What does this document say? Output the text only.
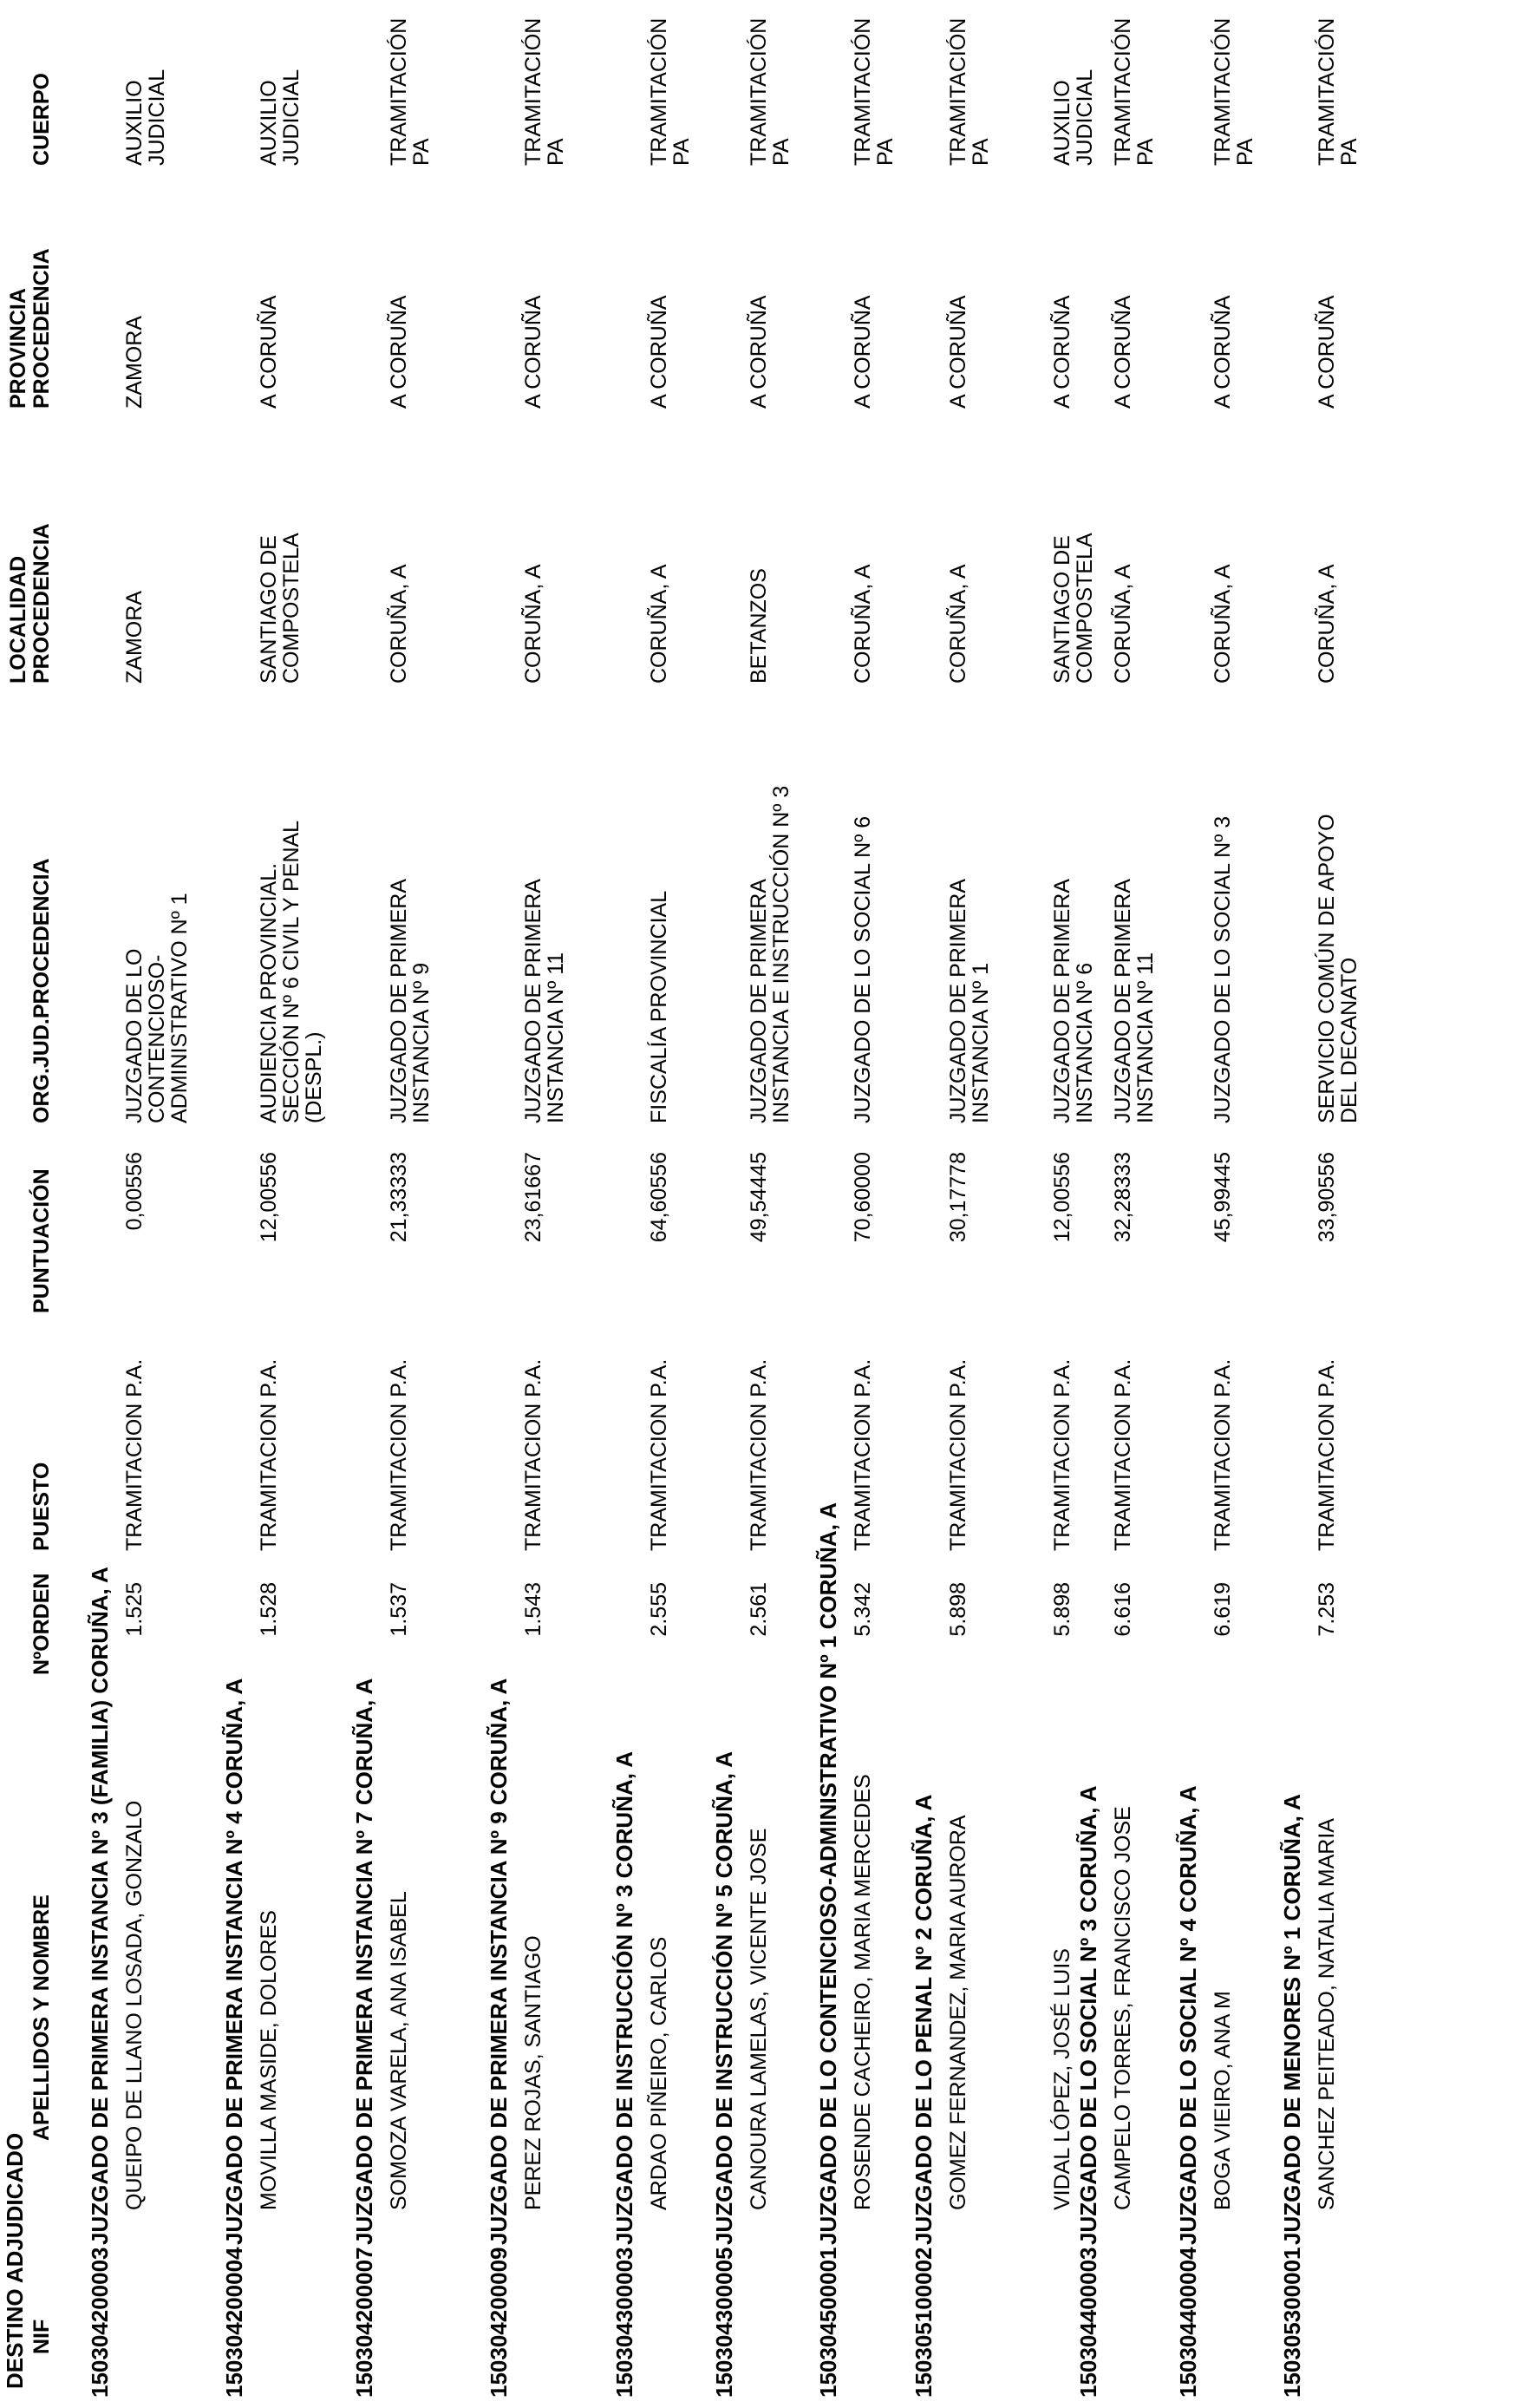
DESTINO ADJUDICADO NIF
APELLIDOS Y NOMBRE
NºORDEN
PUESTO
PUNTUACIÓN
ORG.JUD.PROCEDENCIA
LOCALIDAD PROCEDENCIA
PROVINCIA PROCEDENCIA
CUERPO
150304200003
JUZGADO DE PRIMERA INSTANCIA Nº 3 (FAMILIA) CORUÑA, A QUEIPO DE LLANO LOSADA, GONZALO
1.525
TRAMITACION P.A.
0,00556
JUZGADO DE LO
CONTENCIOSO-
ADMINISTRATIVO Nº 1
ZAMORA
ZAMORA
AUXILIO
JUDICIAL
150304200004
JUZGADO DE PRIMERA INSTANCIA Nº 4 CORUÑA, A MOVILLA MASIDE, DOLORES
1.528
TRAMITACION P.A.
12,00556
AUDIENCIA PROVINCIAL.
SECCIÓN Nº 6 CIVIL Y PENAL
(DESPL.)
SANTIAGO DE
COMPOSTELA
A CORUÑA
AUXILIO
JUDICIAL
150304200007
JUZGADO DE PRIMERA INSTANCIA Nº 7 CORUÑA, A SOMOZA VARELA, ANA ISABEL
1.537
TRAMITACION P.A.
21,33333
JUZGADO DE PRIMERA
INSTANCIA Nº 9
CORUÑA, A
A CORUÑA
TRAMITACIÓN
PA
150304200009
JUZGADO DE PRIMERA INSTANCIA Nº 9 CORUÑA, A PEREZ ROJAS, SANTIAGO
1.543
TRAMITACION P.A.
23,61667
JUZGADO DE PRIMERA
INSTANCIA Nº 11
CORUÑA, A
A CORUÑA
TRAMITACIÓN
PA
150304300003
JUZGADO DE INSTRUCCIÓN Nº 3 CORUÑA, A ARDAO PIÑEIRO, CARLOS
2.555
TRAMITACION P.A.
64,60556
FISCALÍA PROVINCIAL
CORUÑA, A
A CORUÑA
TRAMITACIÓN
PA
150304300005
JUZGADO DE INSTRUCCIÓN Nº 5 CORUÑA, A CANOURA LAMELAS, VICENTE JOSE
2.561
TRAMITACION P.A.
49,54445
JUZGADO DE PRIMERA
INSTANCIA E INSTRUCCIÓN Nº 3
BETANZOS
A CORUÑA
TRAMITACIÓN
PA
150304500001
JUZGADO DE LO CONTENCIOSO-ADMINISTRATIVO Nº 1 CORUÑA, A ROSENDE CACHEIRO, MARIA MERCEDES
5.342
TRAMITACION P.A.
70,60000
JUZGADO DE LO SOCIAL Nº 6
CORUÑA, A
A CORUÑA
TRAMITACIÓN
PA
150305100002
JUZGADO DE LO PENAL Nº 2 CORUÑA, A GOMEZ FERNANDEZ, MARIA AURORA
5.898
TRAMITACION P.A.
30,17778
JUZGADO DE PRIMERA
INSTANCIA Nº 1
CORUÑA, A
A CORUÑA
TRAMITACIÓN
PA
VIDAL LÓPEZ, JOSÉ LUIS
5.898
TRAMITACION P.A.
12,00556
JUZGADO DE PRIMERA
INSTANCIA Nº 6
SANTIAGO DE
COMPOSTELA
A CORUÑA
AUXILIO
JUDICIAL
150304400003
JUZGADO DE LO SOCIAL Nº 3 CORUÑA, A CAMPELO TORRES, FRANCISCO JOSE
6.616
TRAMITACION P.A.
32,28333
JUZGADO DE PRIMERA
INSTANCIA Nº 11
CORUÑA, A
A CORUÑA
TRAMITACIÓN
PA
150304400004
JUZGADO DE LO SOCIAL Nº 4 CORUÑA, A BOGA VIEIRO, ANA M
6.619
TRAMITACION P.A.
45,99445
JUZGADO DE LO SOCIAL Nº 3
CORUÑA, A
A CORUÑA
TRAMITACIÓN
PA
150305300001
JUZGADO DE MENORES Nº 1 CORUÑA, A SANCHEZ PEITEADO, NATALIA MARIA
7.253
TRAMITACION P.A.
33,90556
SERVICIO COMÚN DE APOYO
DEL DECANATO
CORUÑA, A
A CORUÑA
TRAMITACIÓN
PA
